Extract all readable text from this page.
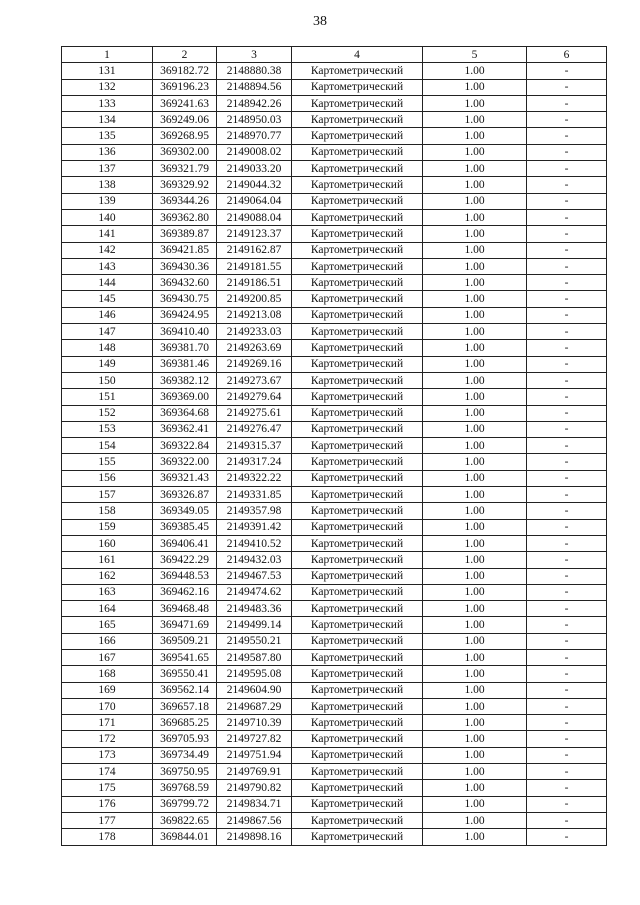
38
1	2	3	4	5	6
131	369182.72	2148880.38	Картометрический	1.00	-
132	369196.23	2148894.56	Картометрический	1.00	-
133	369241.63	2148942.26	Картометрический	1.00	-
134	369249.06	2148950.03	Картометрический	1.00	-
135	369268.95	2148970.77	Картометрический	1.00	-
136	369302.00	2149008.02	Картометрический	1.00	-
137	369321.79	2149033.20	Картометрический	1.00	-
138	369329.92	2149044.32	Картометрический	1.00	-
139	369344.26	2149064.04	Картометрический	1.00	-
140	369362.80	2149088.04	Картометрический	1.00	-
141	369389.87	2149123.37	Картометрический	1.00	-
142	369421.85	2149162.87	Картометрический	1.00	-
143	369430.36	2149181.55	Картометрический	1.00	-
144	369432.60	2149186.51	Картометрический	1.00	-
145	369430.75	2149200.85	Картометрический	1.00	-
146	369424.95	2149213.08	Картометрический	1.00	-
147	369410.40	2149233.03	Картометрический	1.00	-
148	369381.70	2149263.69	Картометрический	1.00	-
149	369381.46	2149269.16	Картометрический	1.00	-
150	369382.12	2149273.67	Картометрический	1.00	-
151	369369.00	2149279.64	Картометрический	1.00	-
152	369364.68	2149275.61	Картометрический	1.00	-
153	369362.41	2149276.47	Картометрический	1.00	-
154	369322.84	2149315.37	Картометрический	1.00	-
155	369322.00	2149317.24	Картометрический	1.00	-
156	369321.43	2149322.22	Картометрический	1.00	-
157	369326.87	2149331.85	Картометрический	1.00	-
158	369349.05	2149357.98	Картометрический	1.00	-
159	369385.45	2149391.42	Картометрический	1.00	-
160	369406.41	2149410.52	Картометрический	1.00	-
161	369422.29	2149432.03	Картометрический	1.00	-
162	369448.53	2149467.53	Картометрический	1.00	-
163	369462.16	2149474.62	Картометрический	1.00	-
164	369468.48	2149483.36	Картометрический	1.00	-
165	369471.69	2149499.14	Картометрический	1.00	-
166	369509.21	2149550.21	Картометрический	1.00	-
167	369541.65	2149587.80	Картометрический	1.00	-
168	369550.41	2149595.08	Картометрический	1.00	-
169	369562.14	2149604.90	Картометрический	1.00	-
170	369657.18	2149687.29	Картометрический	1.00	-
171	369685.25	2149710.39	Картометрический	1.00	-
172	369705.93	2149727.82	Картометрический	1.00	-
173	369734.49	2149751.94	Картометрический	1.00	-
174	369750.95	2149769.91	Картометрический	1.00	-
175	369768.59	2149790.82	Картометрический	1.00	-
176	369799.72	2149834.71	Картометрический	1.00	-
177	369822.65	2149867.56	Картометрический	1.00	-
178	369844.01	2149898.16	Картометрический	1.00	-
